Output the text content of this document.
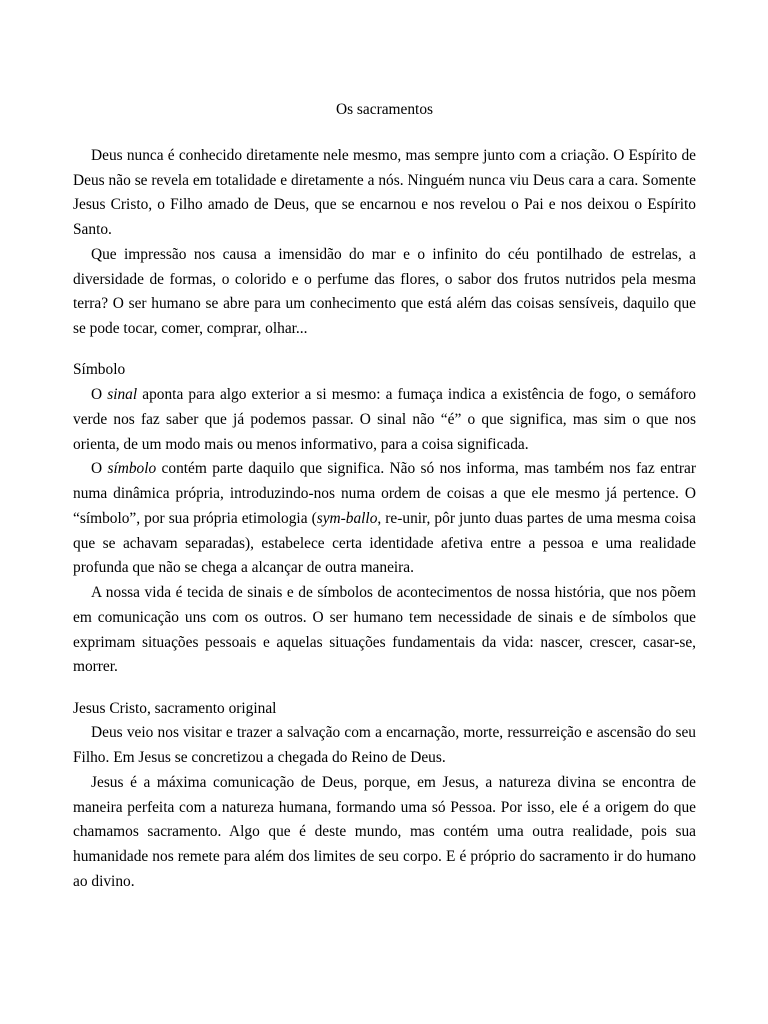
Os sacramentos

Deus nunca é conhecido diretamente nele mesmo, mas sempre junto com a criação. O Espírito de Deus não se revela em totalidade e diretamente a nós. Ninguém nunca viu Deus cara a cara. Somente Jesus Cristo, o Filho amado de Deus, que se encarnou e nos revelou o Pai e nos deixou o Espírito Santo.

Que impressão nos causa a imensidão do mar e o infinito do céu pontilhado de estrelas, a diversidade de formas, o colorido e o perfume das flores, o sabor dos frutos nutridos pela mesma terra? O ser humano se abre para um conhecimento que está além das coisas sensíveis, daquilo que se pode tocar, comer, comprar, olhar...

Símbolo

O sinal aponta para algo exterior a si mesmo: a fumaça indica a existência de fogo, o semáforo verde nos faz saber que já podemos passar. O sinal não “é” o que significa, mas sim o que nos orienta, de um modo mais ou menos informativo, para a coisa significada.

O símbolo contém parte daquilo que significa. Não só nos informa, mas também nos faz entrar numa dinâmica própria, introduzindo-nos numa ordem de coisas a que ele mesmo já pertence. O “símbolo”, por sua própria etimologia (sym-ballo, re-unir, pôr junto duas partes de uma mesma coisa que se achavam separadas), estabelece certa identidade afetiva entre a pessoa e uma realidade profunda que não se chega a alcançar de outra maneira.

A nossa vida é tecida de sinais e de símbolos de acontecimentos de nossa história, que nos põem em comunicação uns com os outros. O ser humano tem necessidade de sinais e de símbolos que exprimam situações pessoais e aquelas situações fundamentais da vida: nascer, crescer, casar-se, morrer.

Jesus Cristo, sacramento original

Deus veio nos visitar e trazer a salvação com a encarnação, morte, ressurreição e ascensão do seu Filho. Em Jesus se concretizou a chegada do Reino de Deus.

Jesus é a máxima comunicação de Deus, porque, em Jesus, a natureza divina se encontra de maneira perfeita com a natureza humana, formando uma só Pessoa. Por isso, ele é a origem do que chamamos sacramento. Algo que é deste mundo, mas contém uma outra realidade, pois sua humanidade nos remete para além dos limites de seu corpo. E é próprio do sacramento ir do humano ao divino.
